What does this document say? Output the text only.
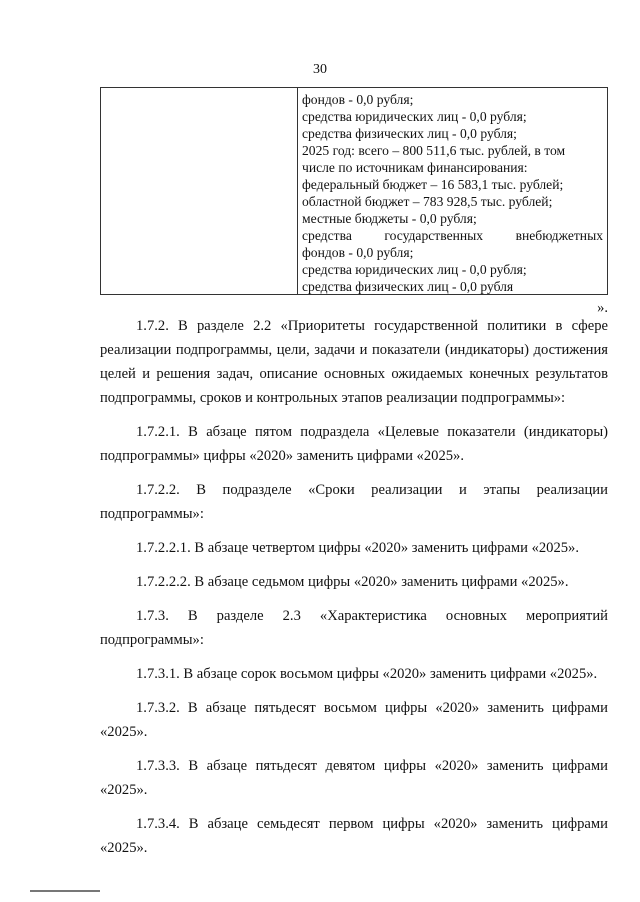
30
фондов - 0,0 рубля;
средства юридических лиц - 0,0 рубля;
средства физических лиц - 0,0 рубля;
2025 год: всего – 800 511,6 тыс. рублей, в том
числе по источникам финансирования:
федеральный бюджет – 16 583,1 тыс. рублей;
областной бюджет – 783 928,5 тыс. рублей;
местные бюджеты - 0,0 рубля;
средства государственных внебюджетных
фондов - 0,0 рубля;
средства юридических лиц - 0,0 рубля;
средства физических лиц - 0,0 рубля
».

1.7.2. В разделе 2.2 «Приоритеты государственной политики в сфере реализации подпрограммы, цели, задачи и показатели (индикаторы) достижения целей и решения задач, описание основных ожидаемых конечных результатов подпрограммы, сроков и контрольных этапов реализации подпрограммы»:

1.7.2.1. В абзаце пятом подраздела «Целевые показатели (индикаторы) подпрограммы» цифры «2020» заменить цифрами «2025».

1.7.2.2. В подразделе «Сроки реализации и этапы реализации
подпрограммы»:

1.7.2.2.1. В абзаце четвертом цифры «2020» заменить цифрами «2025».

1.7.2.2.2. В абзаце седьмом цифры «2020» заменить цифрами «2025».

1.7.3. В разделе 2.3 «Характеристика основных мероприятий
подпрограммы»:

1.7.3.1. В абзаце сорок восьмом цифры «2020» заменить цифрами «2025».

1.7.3.2. В абзаце пятьдесят восьмом цифры «2020» заменить цифрами
«2025».
1.7.3.3. В абзаце пятьдесят девятом цифры «2020» заменить цифрами
«2025».
1.7.3.4. В абзаце семьдесят первом цифры «2020» заменить цифрами
«2025».
